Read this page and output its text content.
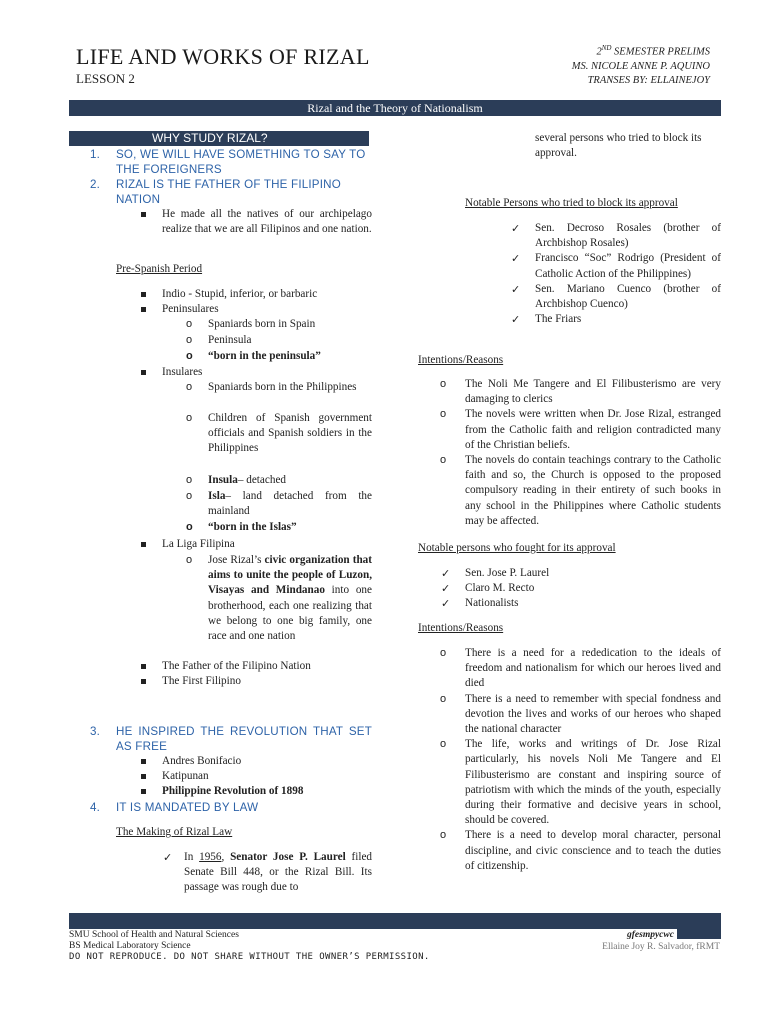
LIFE AND WORKS OF RIZAL
LESSON 2
2ND SEMESTER PRELIMS
MS. NICOLE ANNE P. AQUINO
TRANSES BY: ELLAINEJOY
Rizal and the Theory of Nationalism
WHY STUDY RIZAL?
1. SO, WE WILL HAVE SOMETHING TO SAY TO THE FOREIGNERS
2. RIZAL IS THE FATHER OF THE FILIPINO NATION
He made all the natives of our archipelago realize that we are all Filipinos and one nation.
Pre-Spanish Period
Indio - Stupid, inferior, or barbaric
Peninsulares
o Spaniards born in Spain
o Peninsula
o “born in the peninsula”
Insulares
o Spaniards born in the Philippines
o Children of Spanish government officials and Spanish soldiers in the Philippines
o Insula– detached
o Isla– land detached from the mainland
o “born in the Islas”
La Liga Filipina
o Jose Rizal’s civic organization that aims to unite the people of Luzon, Visayas and Mindanao into one brotherhood, each one realizing that we belong to one big family, one race and one nation
The Father of the Filipino Nation
The First Filipino
3. HE INSPIRED THE REVOLUTION THAT SET AS FREE
Andres Bonifacio
Katipunan
Philippine Revolution of 1898
4. IT IS MANDATED BY LAW
The Making of Rizal Law
✓ In 1956, Senator Jose P. Laurel filed Senate Bill 448, or the Rizal Bill. Its passage was rough due to
several persons who tried to block its approval.
Notable Persons who tried to block its approval
✓ Sen. Decroso Rosales (brother of Archbishop Rosales)
✓ Francisco “Soc” Rodrigo (President of Catholic Action of the Philippines)
✓ Sen. Mariano Cuenco (brother of Archbishop Cuenco)
✓ The Friars
Intentions/Reasons
o The Noli Me Tangere and El Filibusterismo are very damaging to clerics
o The novels were written when Dr. Jose Rizal, estranged from the Catholic faith and religion contradicted many of the Christian beliefs.
o The novels do contain teachings contrary to the Catholic faith and so, the Church is opposed to the proposed compulsory reading in their entirety of such books in any school in the Philippines where Catholic students may be affected.
Notable persons who fought for its approval
✓ Sen. Jose P. Laurel
✓ Claro M. Recto
✓ Nationalists
Intentions/Reasons
o There is a need for a rededication to the ideals of freedom and nationalism for which our heroes lived and died
o There is a need to remember with special fondness and devotion the lives and works of our heroes who shaped the national character
o The life, works and writings of Dr. Jose Rizal particularly, his novels Noli Me Tangere and El Filibusterismo are constant and inspiring source of patriotism with which the minds of the youth, especially during their formative and decisive years in school, should be covered.
o There is a need to develop moral character, personal discipline, and civic conscience and to teach the duties of citizenship.
SMU School of Health and Natural Sciences
BS Medical Laboratory Science
DO NOT REPRODUCE. DO NOT SHARE WITHOUT THE OWNER’S PERMISSION.
gfesmpycwc
Ellaine Joy R. Salvador, fRMT
